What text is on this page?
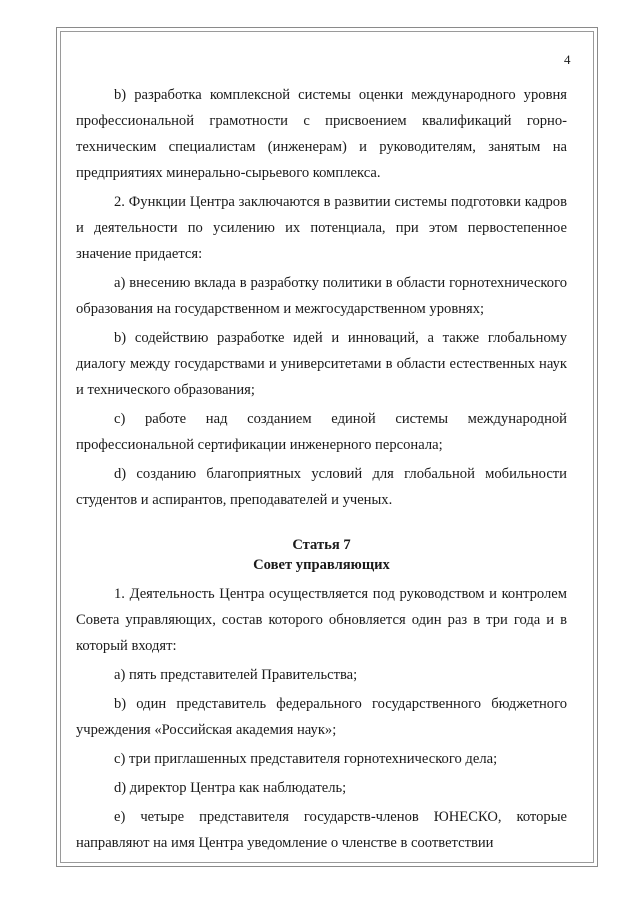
4

b) разработка комплексной системы оценки международного уровня профессиональной грамотности с присвоением квалификаций горно-техническим специалистам (инженерам) и руководителям, занятым на предприятиях минерально-сырьевого комплекса.

2. Функции Центра заключаются в развитии системы подготовки кадров и деятельности по усилению их потенциала, при этом первостепенное значение придается:

a) внесению вклада в разработку политики в области горнотехнического образования на государственном и межгосударственном уровнях;

b) содействию разработке идей и инноваций, а также глобальному диалогу между государствами и университетами в области естественных наук и технического образования;

c) работе над созданием единой системы международной профессиональной сертификации инженерного персонала;

d) созданию благоприятных условий для глобальной мобильности студентов и аспирантов, преподавателей и ученых.

Статья 7
Совет управляющих

1. Деятельность Центра осуществляется под руководством и контролем Совета управляющих, состав которого обновляется один раз в три года и в который входят:

a) пять представителей Правительства;

b) один представитель федерального государственного бюджетного учреждения «Российская академия наук»;

c) три приглашенных представителя горнотехнического дела;

d) директор Центра как наблюдатель;

e) четыре представителя государств-членов ЮНЕСКО, которые направляют на имя Центра уведомление о членстве в соответствии
